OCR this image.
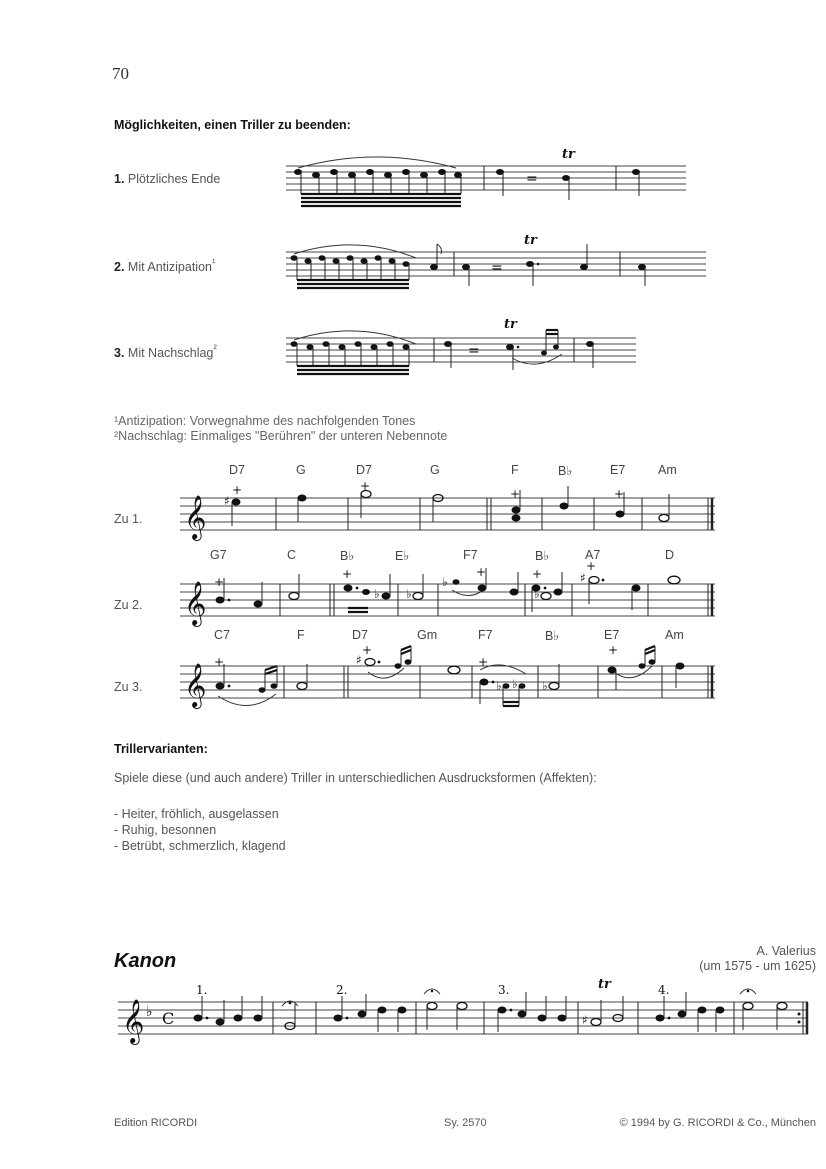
70
Möglichkeiten, einen Triller zu beenden:
1. Plötzliches Ende	=
tr
2. Mit Antizipation$^{^1}$	=
tr
3. Mit Nachschlag$^{^2}$	=
tr
¹Antizipation: Vorwegnahme des nachfolgenden Tones
²Nachschlag: Einmaliges "Berühren" der unteren Nebennote
D7	G	D7	G	F	B♭	E7	Am
Zu 1. 𝄞 ♯
+	+
+	+
G7	C	B♭	E♭	F7	B♭	A7	D
Zu 2. 𝄞 +
+
♭ ♭
♭
+	+
♭
♯
+
C7	F	D7	Gm	F7	B♭	E7	Am
Zu 3. 𝄞
+	♯
+
+
♭ ♭ ♭
+
Trillervarianten:
Spiele diese (und auch andere) Triller in unterschiedlichen Ausdrucksformen (Affekten):
- Heiter, fröhlich, ausgelassen
- Ruhig, besonnen
- Betrübt, schmerzlich, klagend
Kanon	A. Valerius
(um 1575 - um 1625)
𝄞 ♭ C
1.	2.	3.	tr
♯
4.
Edition RICORDI	Sy. 2570	© 1994 by G. RICORDI & Co., München
